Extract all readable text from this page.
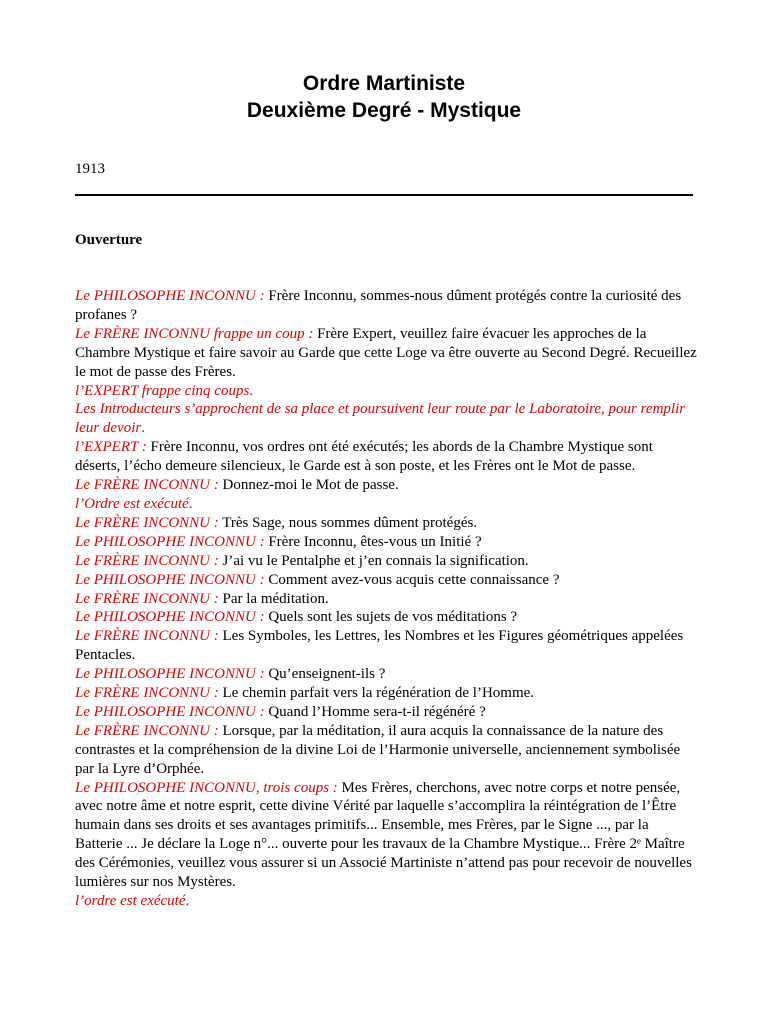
Ordre Martiniste
Deuxième Degré - Mystique
1913
Ouverture
Le PHILOSOPHE INCONNU : Frère Inconnu, sommes-nous dûment protégés contre la curiosité des profanes ?
Le FRÈRE INCONNU frappe un coup : Frère Expert, veuillez faire évacuer les approches de la Chambre Mystique et faire savoir au Garde que cette Loge va être ouverte au Second Degré. Recueillez le mot de passe des Frères.
l’EXPERT frappe cinq coups.
Les Introducteurs s’approchent de sa place et poursuivent leur route par le Laboratoire, pour remplir leur devoir.
l’EXPERT : Frère Inconnu, vos ordres ont été exécutés; les abords de la Chambre Mystique sont déserts, l’écho demeure silencieux, le Garde est à son poste, et les Frères ont le Mot de passe.
Le FRÈRE INCONNU : Donnez-moi le Mot de passe.
l’Ordre est exécuté.
Le FRÈRE INCONNU : Très Sage, nous sommes dûment protégés.
Le PHILOSOPHE INCONNU : Frère Inconnu, êtes-vous un Initié ?
Le FRÈRE INCONNU : J’ai vu le Pentalphe et j’en connais la signification.
Le PHILOSOPHE INCONNU : Comment avez-vous acquis cette connaissance ?
Le FRÈRE INCONNU : Par la méditation.
Le PHILOSOPHE INCONNU : Quels sont les sujets de vos méditations ?
Le FRÈRE INCONNU : Les Symboles, les Lettres, les Nombres et les Figures géométriques appelées Pentacles.
Le PHILOSOPHE INCONNU : Qu’enseignent-ils ?
Le FRÈRE INCONNU : Le chemin parfait vers la régénération de l’Homme.
Le PHILOSOPHE INCONNU : Quand l’Homme sera-t-il régénéré ?
Le FRÈRE INCONNU : Lorsque, par la méditation, il aura acquis la connaissance de la nature des contrastes et la compréhension de la divine Loi de l’Harmonie universelle, anciennement symbolisée par la Lyre d’Orphée.
Le PHILOSOPHE INCONNU, trois coups : Mes Frères, cherchons, avec notre corps et notre pensée, avec notre âme et notre esprit, cette divine Vérité par laquelle s’accomplira la réintégration de l’Être humain dans ses droits et ses avantages primitifs... Ensemble, mes Frères, par le Signe ..., par la Batterie ... Je déclare la Loge n°... ouverte pour les travaux de la Chambre Mystique... Frère 2ᵉ Maître des Cérémonies, veuillez vous assurer si un Associé Martiniste n’attend pas pour recevoir de nouvelles lumières sur nos Mystères.
l’ordre est exécuté.
